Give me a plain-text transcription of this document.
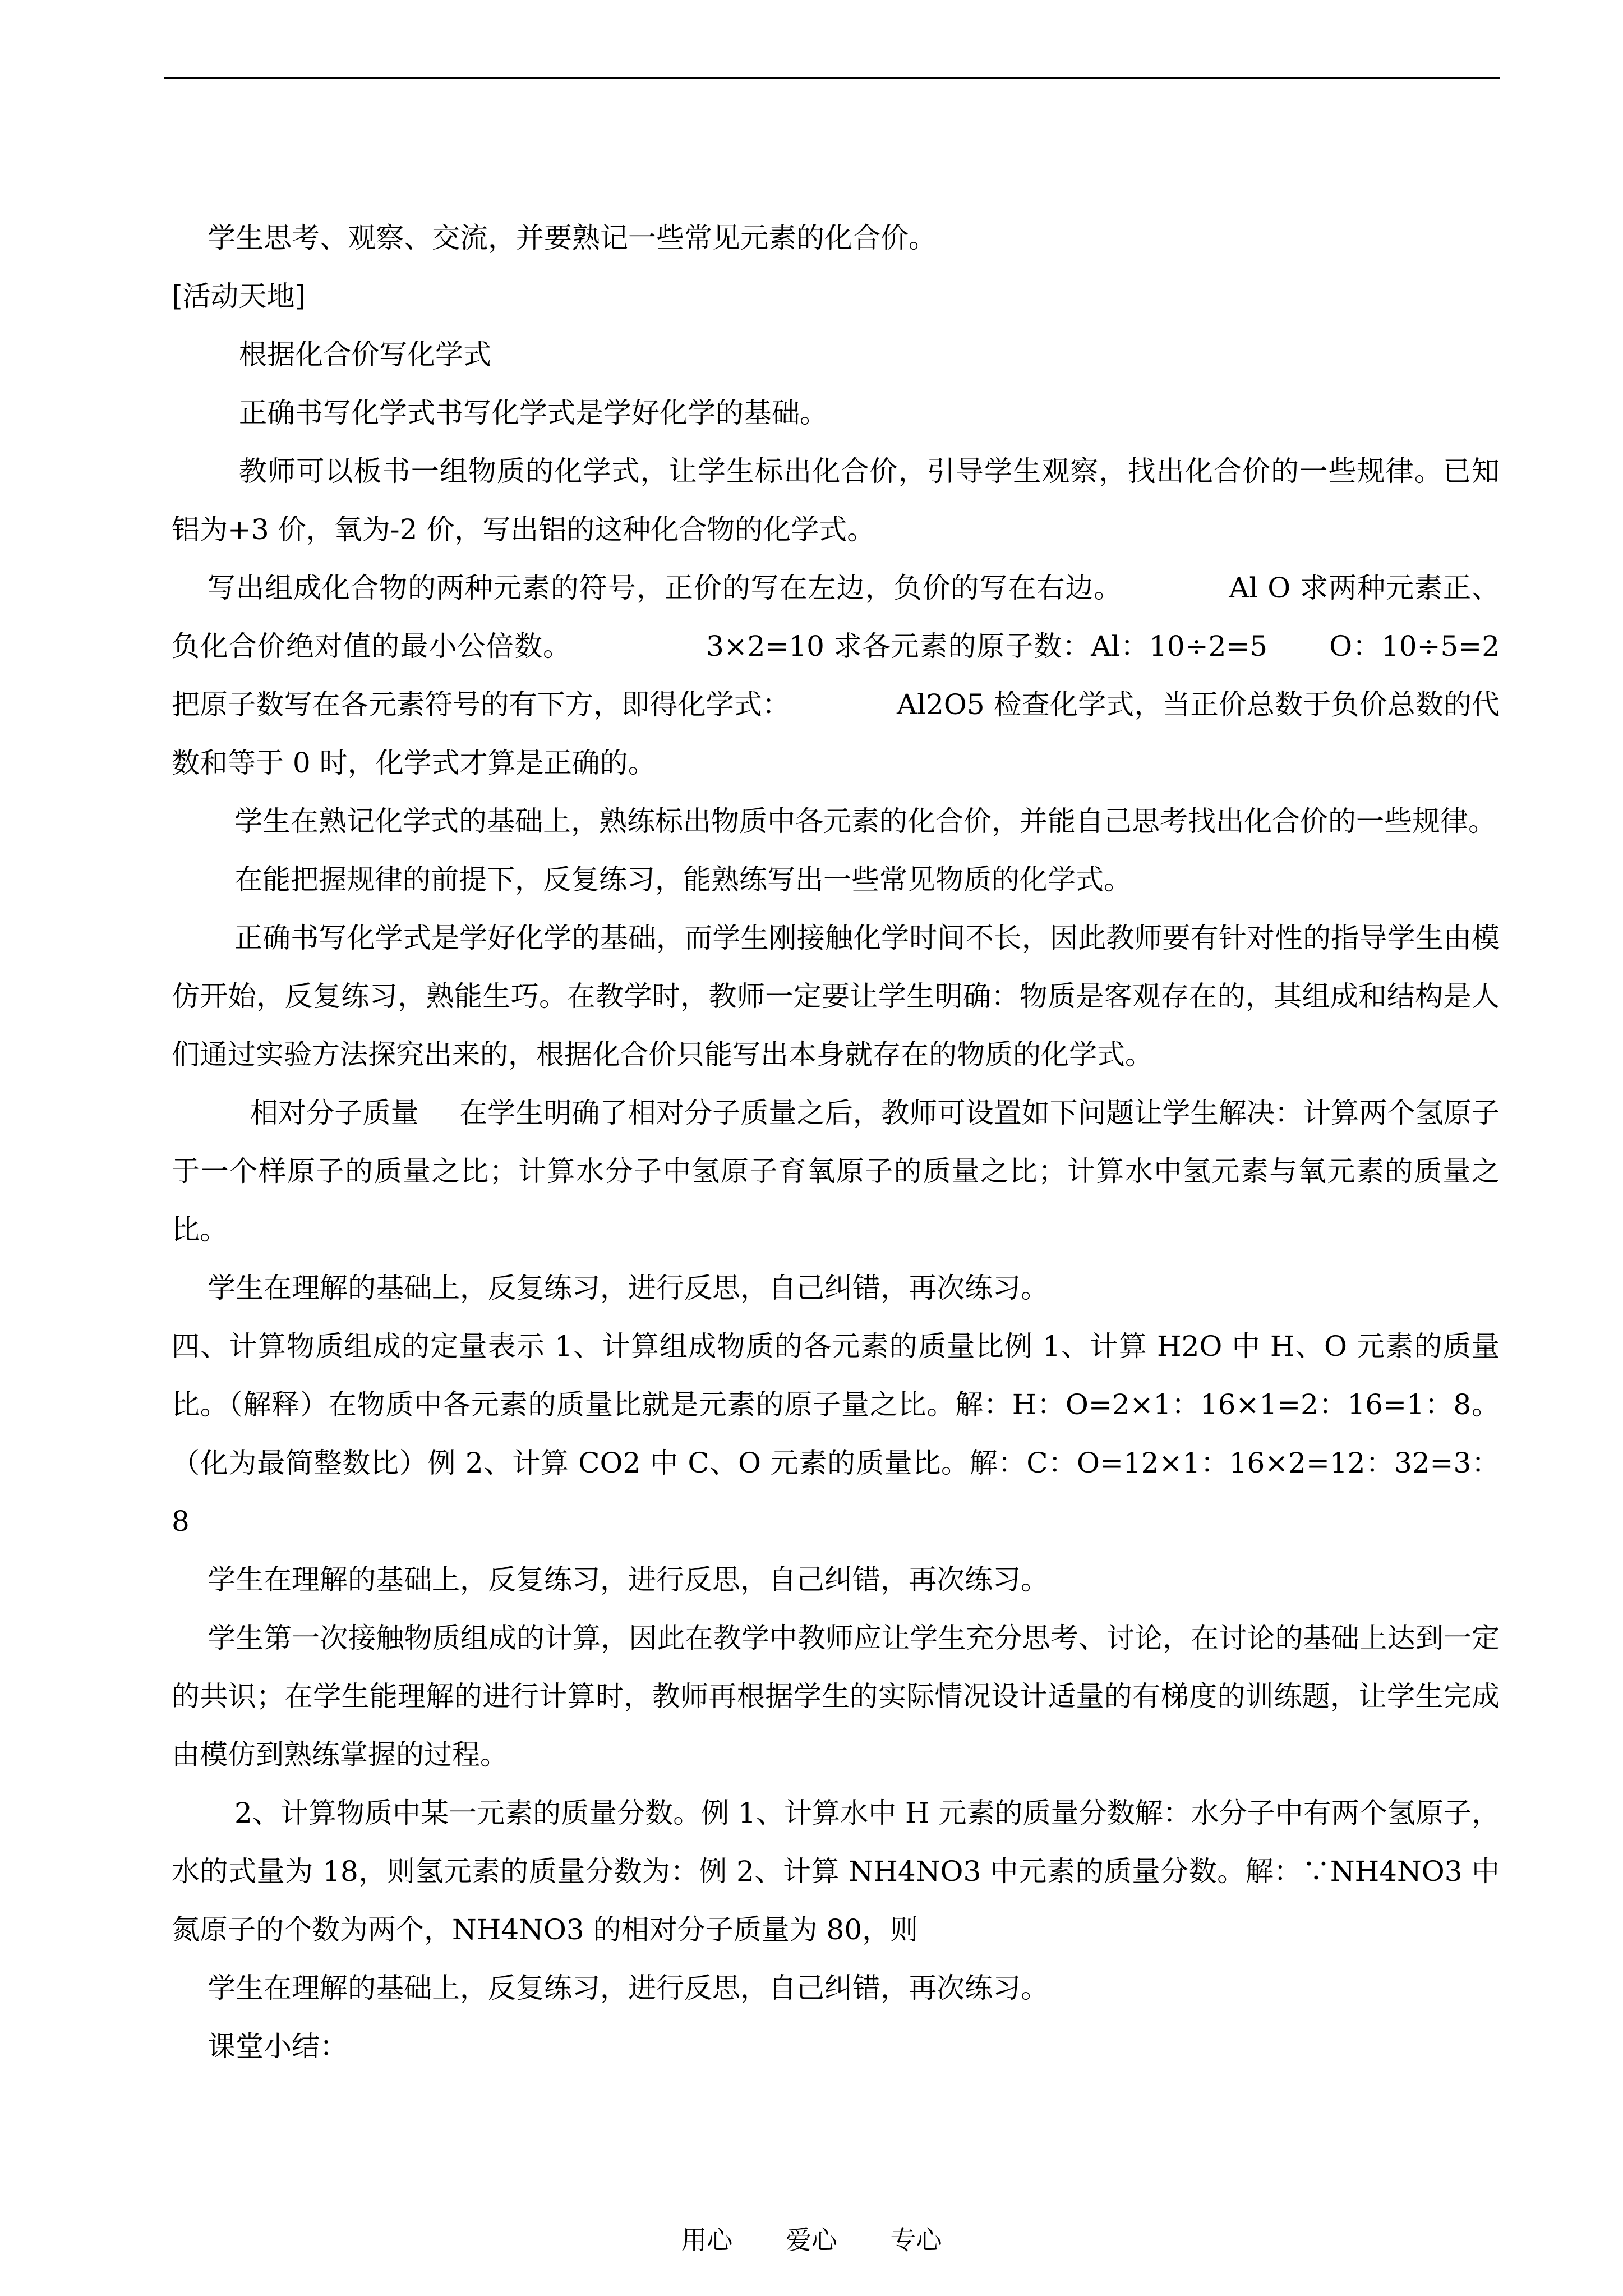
学生思考、观察、交流，并要熟记一些常见元素的化合价。

[活动天地]

根据化合价写化学式

正确书写化学式书写化学式是学好化学的基础。

教师可以板书一组物质的化学式，让学生标出化合价，引导学生观察，找出化合价的一些规律。已知铝为+3 价，氧为-2 价，写出铝的这种化合物的化学式。

写出组成化合物的两种元素的符号，正价的写在左边，负价的写在右边。	Al O 求两种元素正、负化合价绝对值的最小公倍数。	3×2=10 求各元素的原子数：Al：10÷2=5 O：10÷5=2 把原子数写在各元素符号的有下方，即得化学式：	Al2O5 检查化学式，当正价总数于负价总数的代数和等于 0 时，化学式才算是正确的。

学生在熟记化学式的基础上，熟练标出物质中各元素的化合价，并能自己思考找出化合价的一些规律。

在能把握规律的前提下，反复练习，能熟练写出一些常见物质的化学式。

正确书写化学式是学好化学的基础，而学生刚接触化学时间不长，因此教师要有针对性的指导学生由模仿开始，反复练习，熟能生巧。在教学时，教师一定要让学生明确：物质是客观存在的，其组成和结构是人们通过实验方法探究出来的，根据化合价只能写出本身就存在的物质的化学式。

相对分子质量 在学生明确了相对分子质量之后，教师可设置如下问题让学生解决：计算两个氢原子于一个样原子的质量之比；计算水分子中氢原子育氧原子的质量之比；计算水中氢元素与氧元素的质量之比。

学生在理解的基础上，反复练习，进行反思，自己纠错，再次练习。

四、计算物质组成的定量表示 1、计算组成物质的各元素的质量比例 1、计算 H2O 中 H、O 元素的质量比。（解释）在物质中各元素的质量比就是元素的原子量之比。解：H：O=2×1：16×1=2：16=1：8。（化为最简整数比）例 2、计算 CO2 中 C、O 元素的质量比。解：C：O=12×1：16×2=12：32=3：8

学生在理解的基础上，反复练习，进行反思，自己纠错，再次练习。

学生第一次接触物质组成的计算，因此在教学中教师应让学生充分思考、讨论，在讨论的基础上达到一定的共识；在学生能理解的进行计算时，教师再根据学生的实际情况设计适量的有梯度的训练题，让学生完成由模仿到熟练掌握的过程。

2、计算物质中某一元素的质量分数。例 1、计算水中 H 元素的质量分数解：水分子中有两个氢原子，水的式量为 18，则氢元素的质量分数为：例 2、计算 NH4NO3 中元素的质量分数。解：∵NH4NO3 中氮原子的个数为两个，NH4NO3 的相对分子质量为 80，则

学生在理解的基础上，反复练习，进行反思，自己纠错，再次练习。

课堂小结：

用心 爱心 专心
